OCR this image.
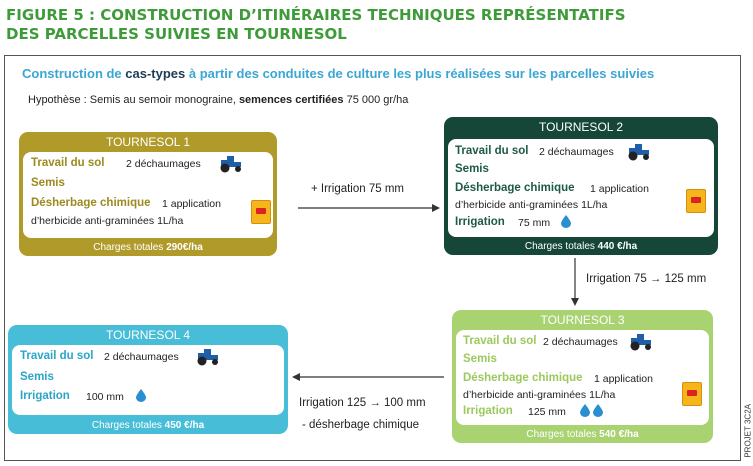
FIGURE 5 : CONSTRUCTION D’ITINÉRAIRES TECHNIQUES REPRÉSENTATIFS
DES PARCELLES SUIVIES EN TOURNESOL
Construction de cas-types à partir des conduites de culture les plus réalisées sur les parcelles suivies
Hypothèse : Semis au semoir monograine, semences certifiées 75 000 gr/ha
TOURNESOL 1
Travail du sol 2 déchaumages
Semis
Désherbage chimique 1 application
d’herbicide anti-graminées 1L/ha
Charges totales 290€/ha
TOURNESOL 2
Travail du sol 2 déchaumages
Semis
Désherbage chimique 1 application
d’herbicide anti-graminées 1L/ha
Irrigation 75 mm
Charges totales 440 €/ha
TOURNESOL 3
Travail du sol 2 déchaumages
Semis
Désherbage chimique 1 application
d’herbicide anti-graminées 1L/ha
Irrigation 125 mm
Charges totales 540 €/ha
TOURNESOL 4
Travail du sol 2 déchaumages
Semis
Irrigation 100 mm
Charges totales 450 €/ha
+ Irrigation 75 mm
Irrigation 75 → 125 mm
Irrigation 125 → 100 mm
- désherbage chimique	PROJET 3C2A
